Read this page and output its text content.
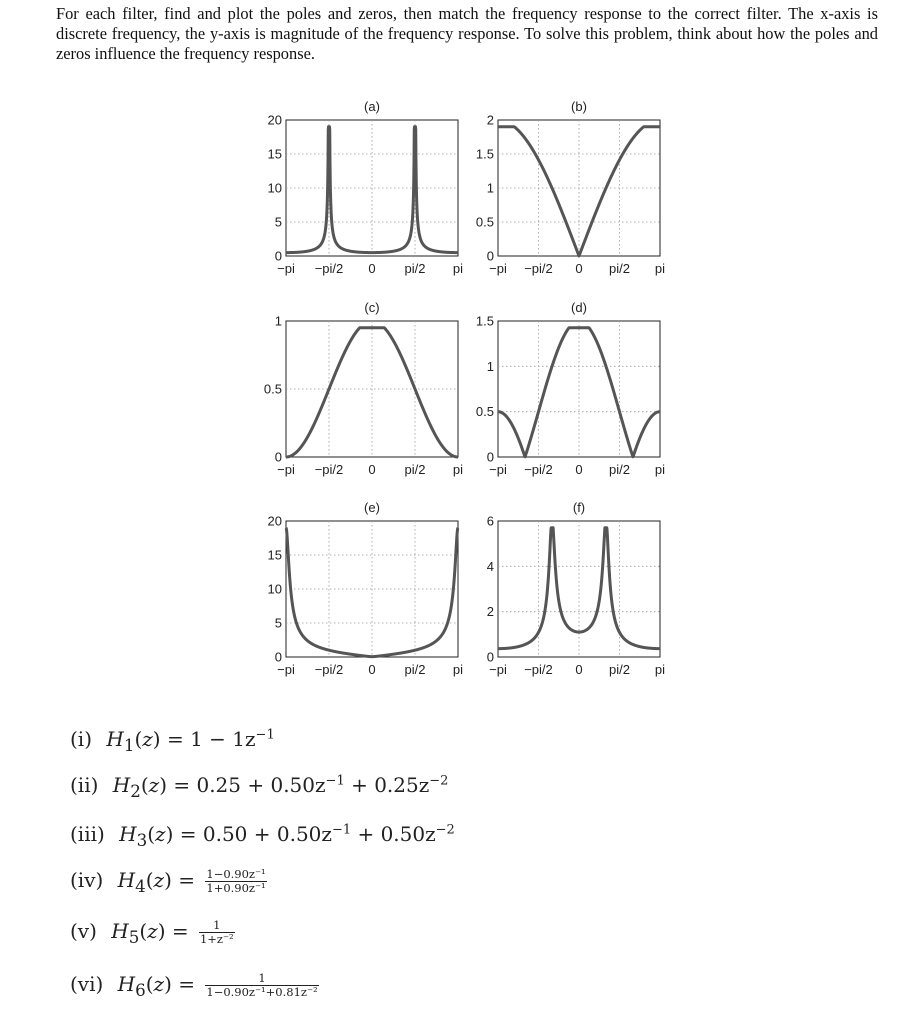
For each filter, find and plot the poles and zeros, then match the frequency response to the correct filter. The x-axis is discrete frequency, the y-axis is magnitude of the frequency response. To solve this problem, think about how the poles and zeros influence the frequency response.

−pi −pi/2 0 pi/2 pi
0
5
10
15
20
(a)
−pi −pi/2 0 pi/2 pi
0
0.5
1
1.5
2
(b)
−pi −pi/2 0 pi/2 pi
0
0.5
1
(c)
−pi −pi/2 0 pi/2 pi
0
0.5
1
1.5
(d)
−pi −pi/2 0 pi/2 pi
0
5
10
15
20
(e)
−pi −pi/2 0 pi/2 pi
0
2
4
6
(f)
(i) $H_1(z) = 1 - 1z^{-1}$
(ii) $H_2(z) = 0.25 + 0.50z^{-1} + 0.25z^{-2}$
(iii) $H_3(z) = 0.50 + 0.50z^{-1} + 0.50z^{-2}$
(iv) $H_4(z) = \frac{\text{1−0.90z⁻¹}}{\text{1+0.90z⁻¹}}$
(v) $H_5(z) = \frac{1}{\text{1+z⁻²}}$
(vi) $H_6(z) = \frac{1}{\text{1−0.90z⁻¹+0.81z⁻²}}$
